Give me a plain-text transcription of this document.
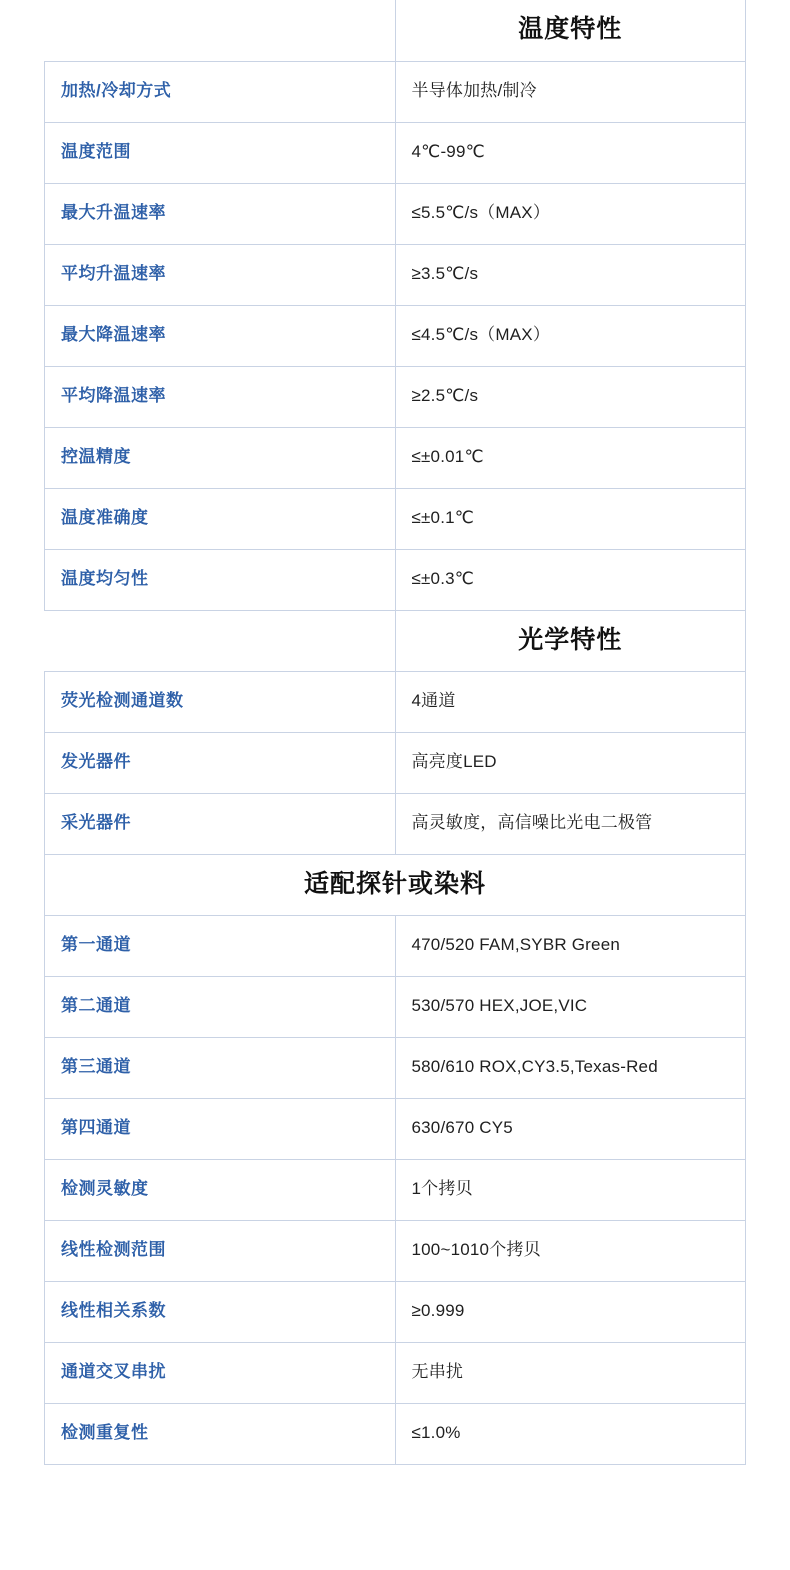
	温度特性
加热/冷却方式	半导体加热/制冷
温度范围	4℃-99℃
最大升温速率	≤5.5℃/s（MAX）
平均升温速率	≥3.5℃/s
最大降温速率	≤4.5℃/s（MAX）
平均降温速率	≥2.5℃/s
控温精度	≤±0.01℃
温度准确度	≤±0.1℃
温度均匀性	≤±0.3℃
	光学特性
荧光检测通道数	4通道
发光器件	高亮度LED
采光器件	高灵敏度，高信噪比光电二极管
适配探针或染料	
第一通道	470/520 FAM,SYBR Green
第二通道	530/570 HEX,JOE,VIC
第三通道	580/610 ROX,CY3.5,Texas-Red
第四通道	630/670 CY5
检测灵敏度	1个拷贝
线性检测范围	100~1010个拷贝
线性相关系数	≥0.999
通道交叉串扰	无串扰
检测重复性	≤1.0%
